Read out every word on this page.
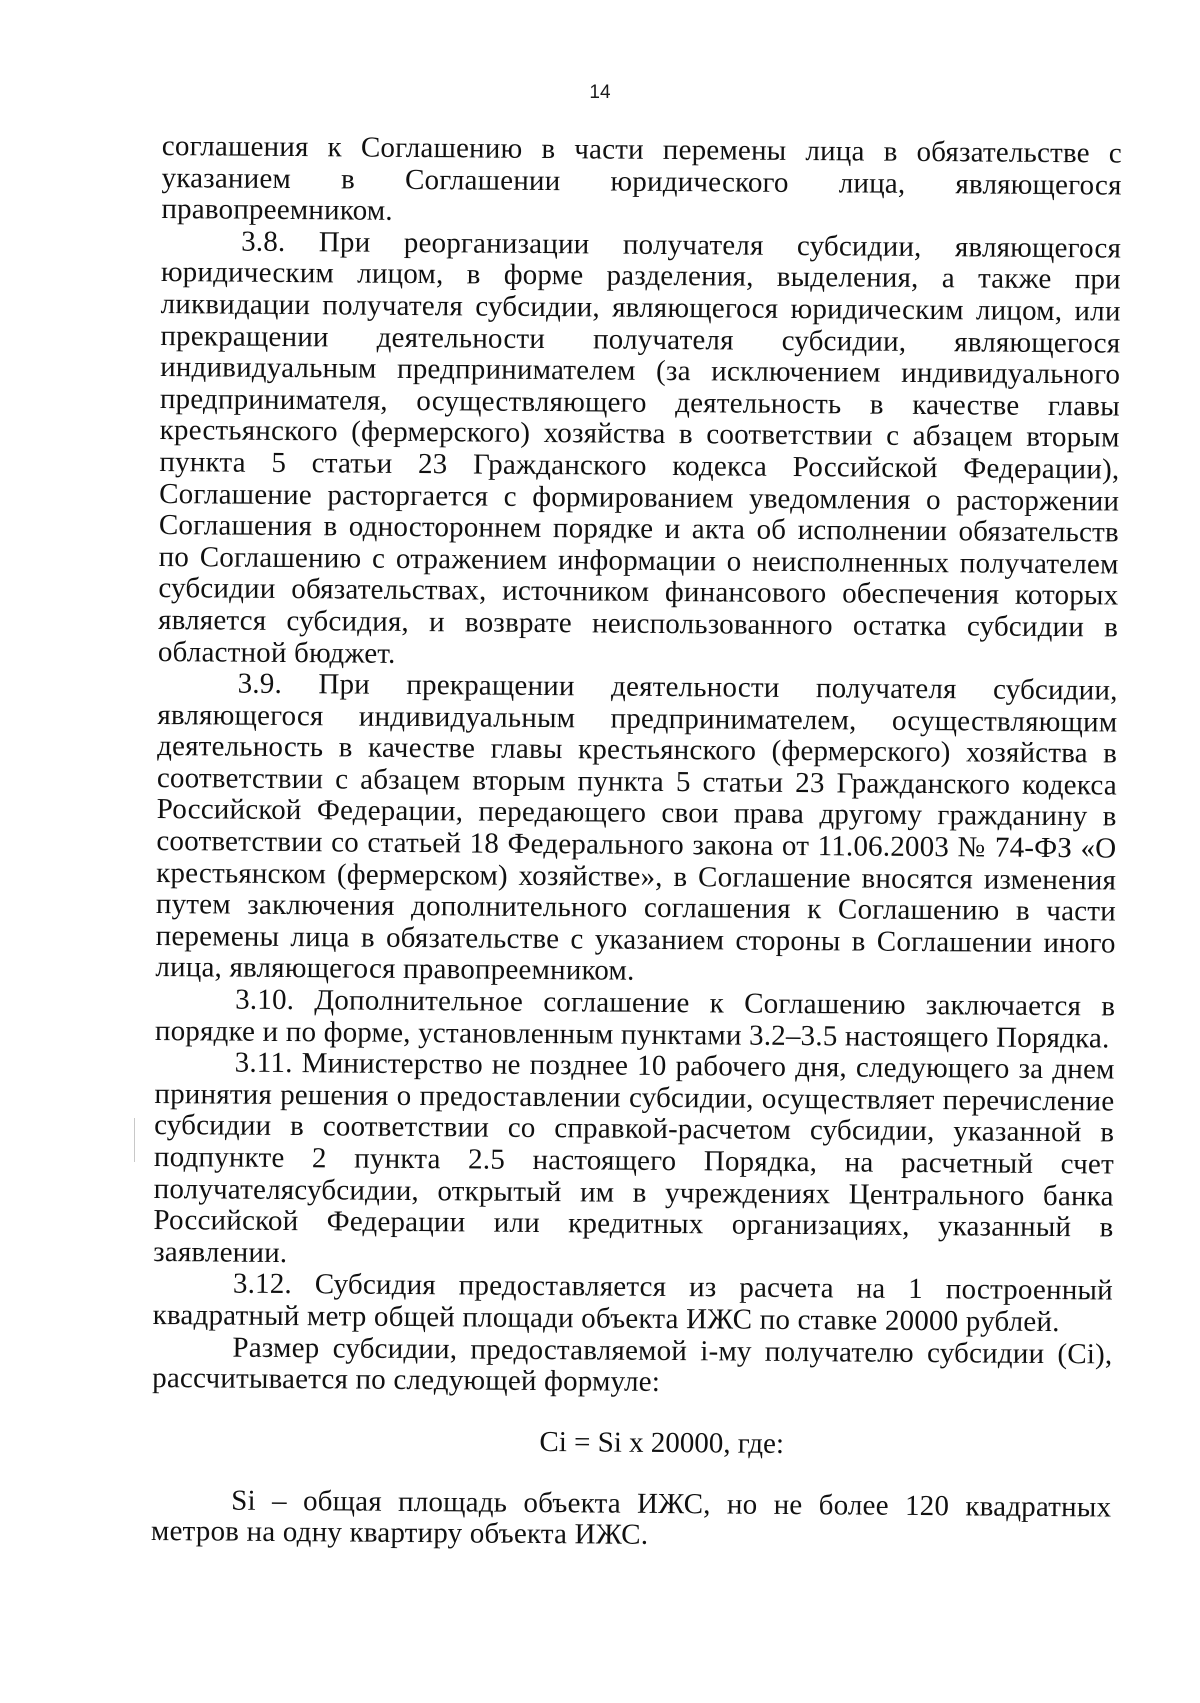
14

соглашения к Соглашению в части перемены лица в обязательстве с указанием в Соглашении юридического лица, являющегося правопреемником.

3.8. При реорганизации получателя субсидии, являющегося юридическим лицом, в форме разделения, выделения, а также при ликвидации получателя субсидии, являющегося юридическим лицом, или прекращении деятельности получателя субсидии, являющегося индивидуальным предпринимателем (за исключением индивидуального предпринимателя, осуществляющего деятельность в качестве главы крестьянского (фермерского) хозяйства в соответствии с абзацем вторым пункта 5 статьи 23 Гражданского кодекса Российской Федерации), Соглашение расторгается с формированием уведомления о расторжении Соглашения в одностороннем порядке и акта об исполнении обязательств по Соглашению с отражением информации о неисполненных получателем субсидии обязательствах, источником финансового обеспечения которых является субсидия, и возврате неиспользованного остатка субсидии в областной бюджет.

3.9. При прекращении деятельности получателя субсидии, являющегося индивидуальным предпринимателем, осуществляющим деятельность в качестве главы крестьянского (фермерского) хозяйства в соответствии с абзацем вторым пункта 5 статьи 23 Гражданского кодекса Российской Федерации, передающего свои права другому гражданину в соответствии со статьей 18 Федерального закона от 11.06.2003 № 74-ФЗ «О крестьянском (фермерском) хозяйстве», в Соглашение вносятся изменения путем заключения дополнительного соглашения к Соглашению в части перемены лица в обязательстве с указанием стороны в Соглашении иного лица, являющегося правопреемником.

3.10. Дополнительное соглашение к Соглашению заключается в порядке и по форме, установленным пунктами 3.2–3.5 настоящего Порядка.

3.11. Министерство не позднее 10 рабочего дня, следующего за днем принятия решения о предоставлении субсидии, осуществляет перечисление субсидии в соответствии со справкой-расчетом субсидии, указанной в подпункте 2 пункта 2.5 настоящего Порядка, на расчетный счет получателясубсидии, открытый им в учреждениях Центрального банка Российской Федерации или кредитных организациях, указанный в заявлении.

3.12. Субсидия предоставляется из расчета на 1 построенный квадратный метр общей площади объекта ИЖС по ставке 20000 рублей.

Размер субсидии, предоставляемой i-му получателю субсидии (Ci), рассчитывается по следующей формуле:

Ci = Si x 20000, где:

Si – общая площадь объекта ИЖС, но не более 120 квадратных метров на одну квартиру объекта ИЖС.
